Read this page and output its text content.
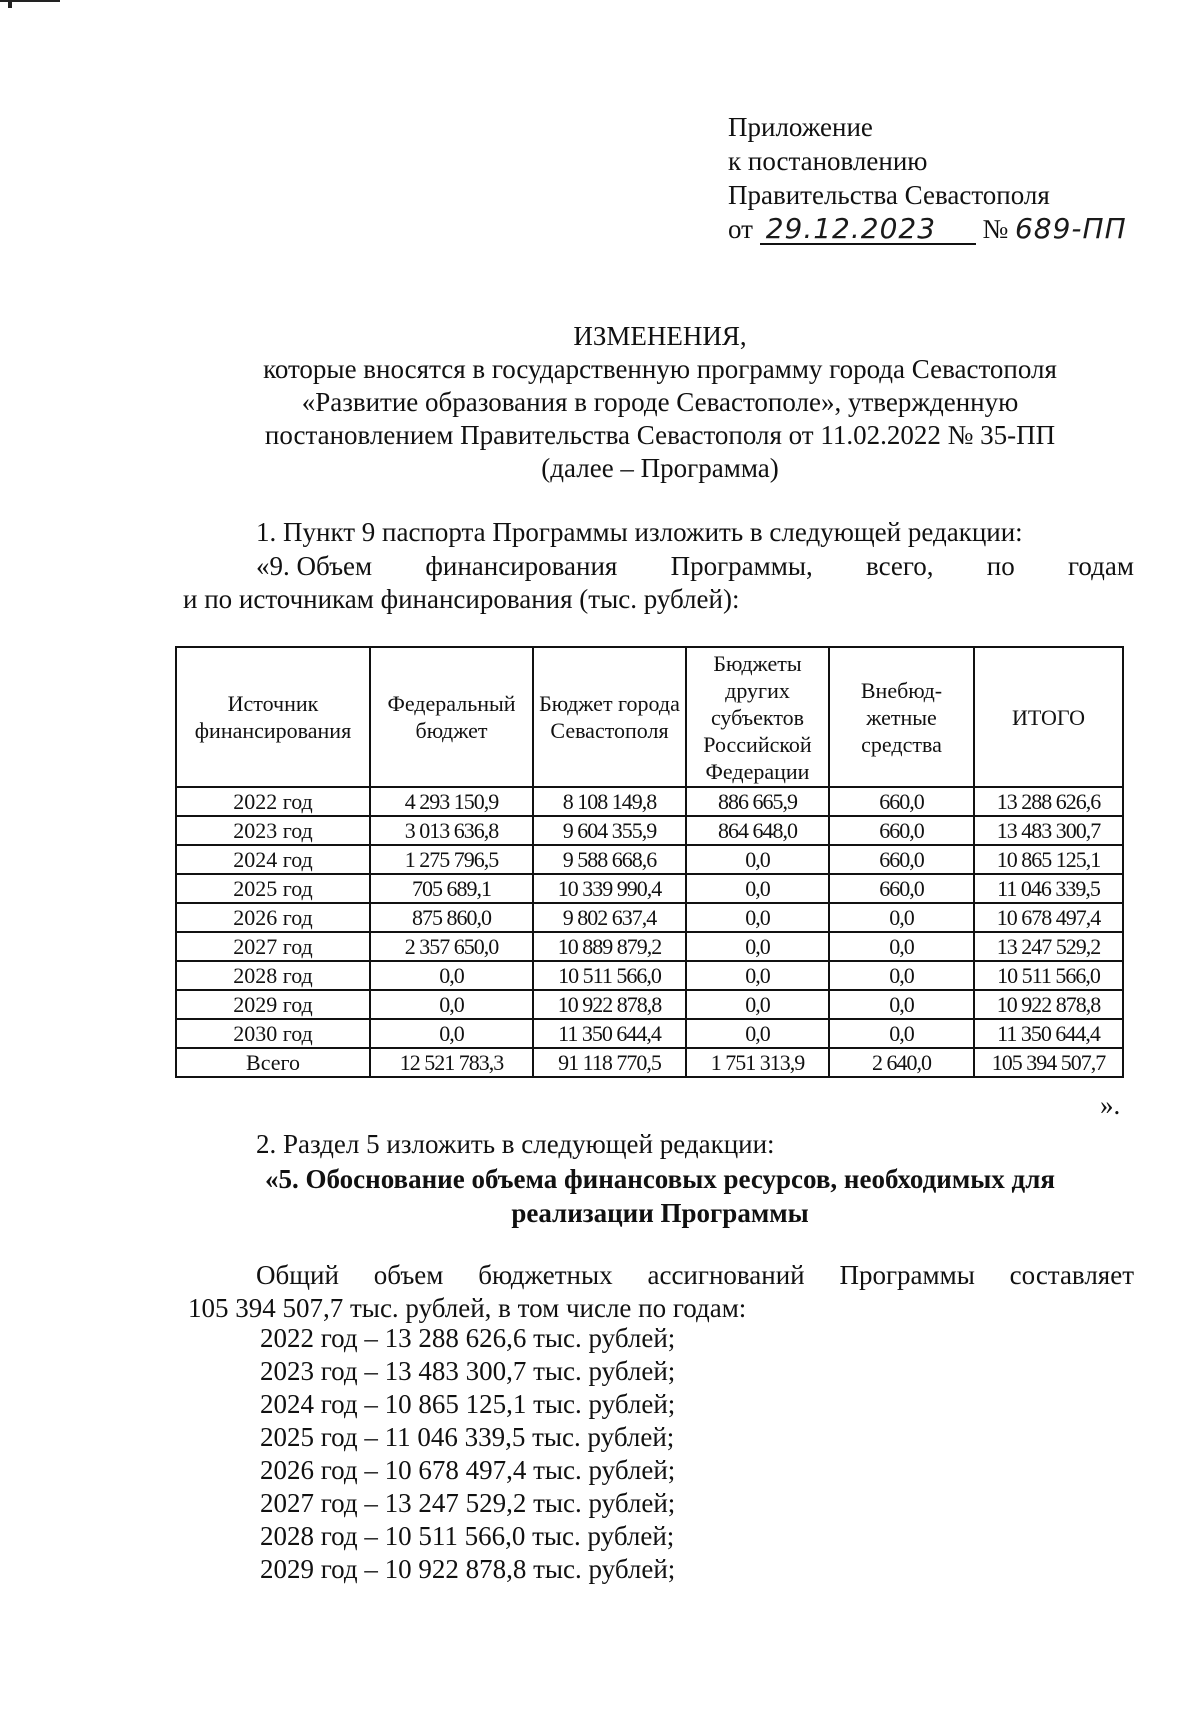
Приложение
к постановлению
Правительства Севастополя
от 29.12.2023 № 689-ПП
ИЗМЕНЕНИЯ,
которые вносятся в государственную программу города Севастополя
«Развитие образования в городе Севастополе», утвержденную
постановлением Правительства Севастополя от 11.02.2022 № 35-ПП
(далее – Программа)
1. Пункт 9 паспорта Программы изложить в следующей редакции:
«9. Объем финансирования Программы, всего, по годам
и по источникам финансирования (тыс. рублей):
Источник финансирования	Федеральный бюджет	Бюджет города Севастополя	Бюджеты других субъектов Российской Федерации	Внебюд-жетные средства	ИТОГО
2022 год	4 293 150,9	8 108 149,8	886 665,9	660,0	13 288 626,6
2023 год	3 013 636,8	9 604 355,9	864 648,0	660,0	13 483 300,7
2024 год	1 275 796,5	9 588 668,6	0,0	660,0	10 865 125,1
2025 год	705 689,1	10 339 990,4	0,0	660,0	11 046 339,5
2026 год	875 860,0	9 802 637,4	0,0	0,0	10 678 497,4
2027 год	2 357 650,0	10 889 879,2	0,0	0,0	13 247 529,2
2028 год	0,0	10 511 566,0	0,0	0,0	10 511 566,0
2029 год	0,0	10 922 878,8	0,0	0,0	10 922 878,8
2030 год	0,0	11 350 644,4	0,0	0,0	11 350 644,4
Всего	12 521 783,3	91 118 770,5	1 751 313,9	2 640,0	105 394 507,7
».
2. Раздел 5 изложить в следующей редакции:
«5. Обоснование объема финансовых ресурсов, необходимых для
реализации Программы
Общий объем бюджетных ассигнований Программы составляет
105 394 507,7 тыс. рублей, в том числе по годам:
2022 год – 13 288 626,6 тыс. рублей;
2023 год – 13 483 300,7 тыс. рублей;
2024 год – 10 865 125,1 тыс. рублей;
2025 год – 11 046 339,5 тыс. рублей;
2026 год – 10 678 497,4 тыс. рублей;
2027 год – 13 247 529,2 тыс. рублей;
2028 год – 10 511 566,0 тыс. рублей;
2029 год – 10 922 878,8 тыс. рублей;
